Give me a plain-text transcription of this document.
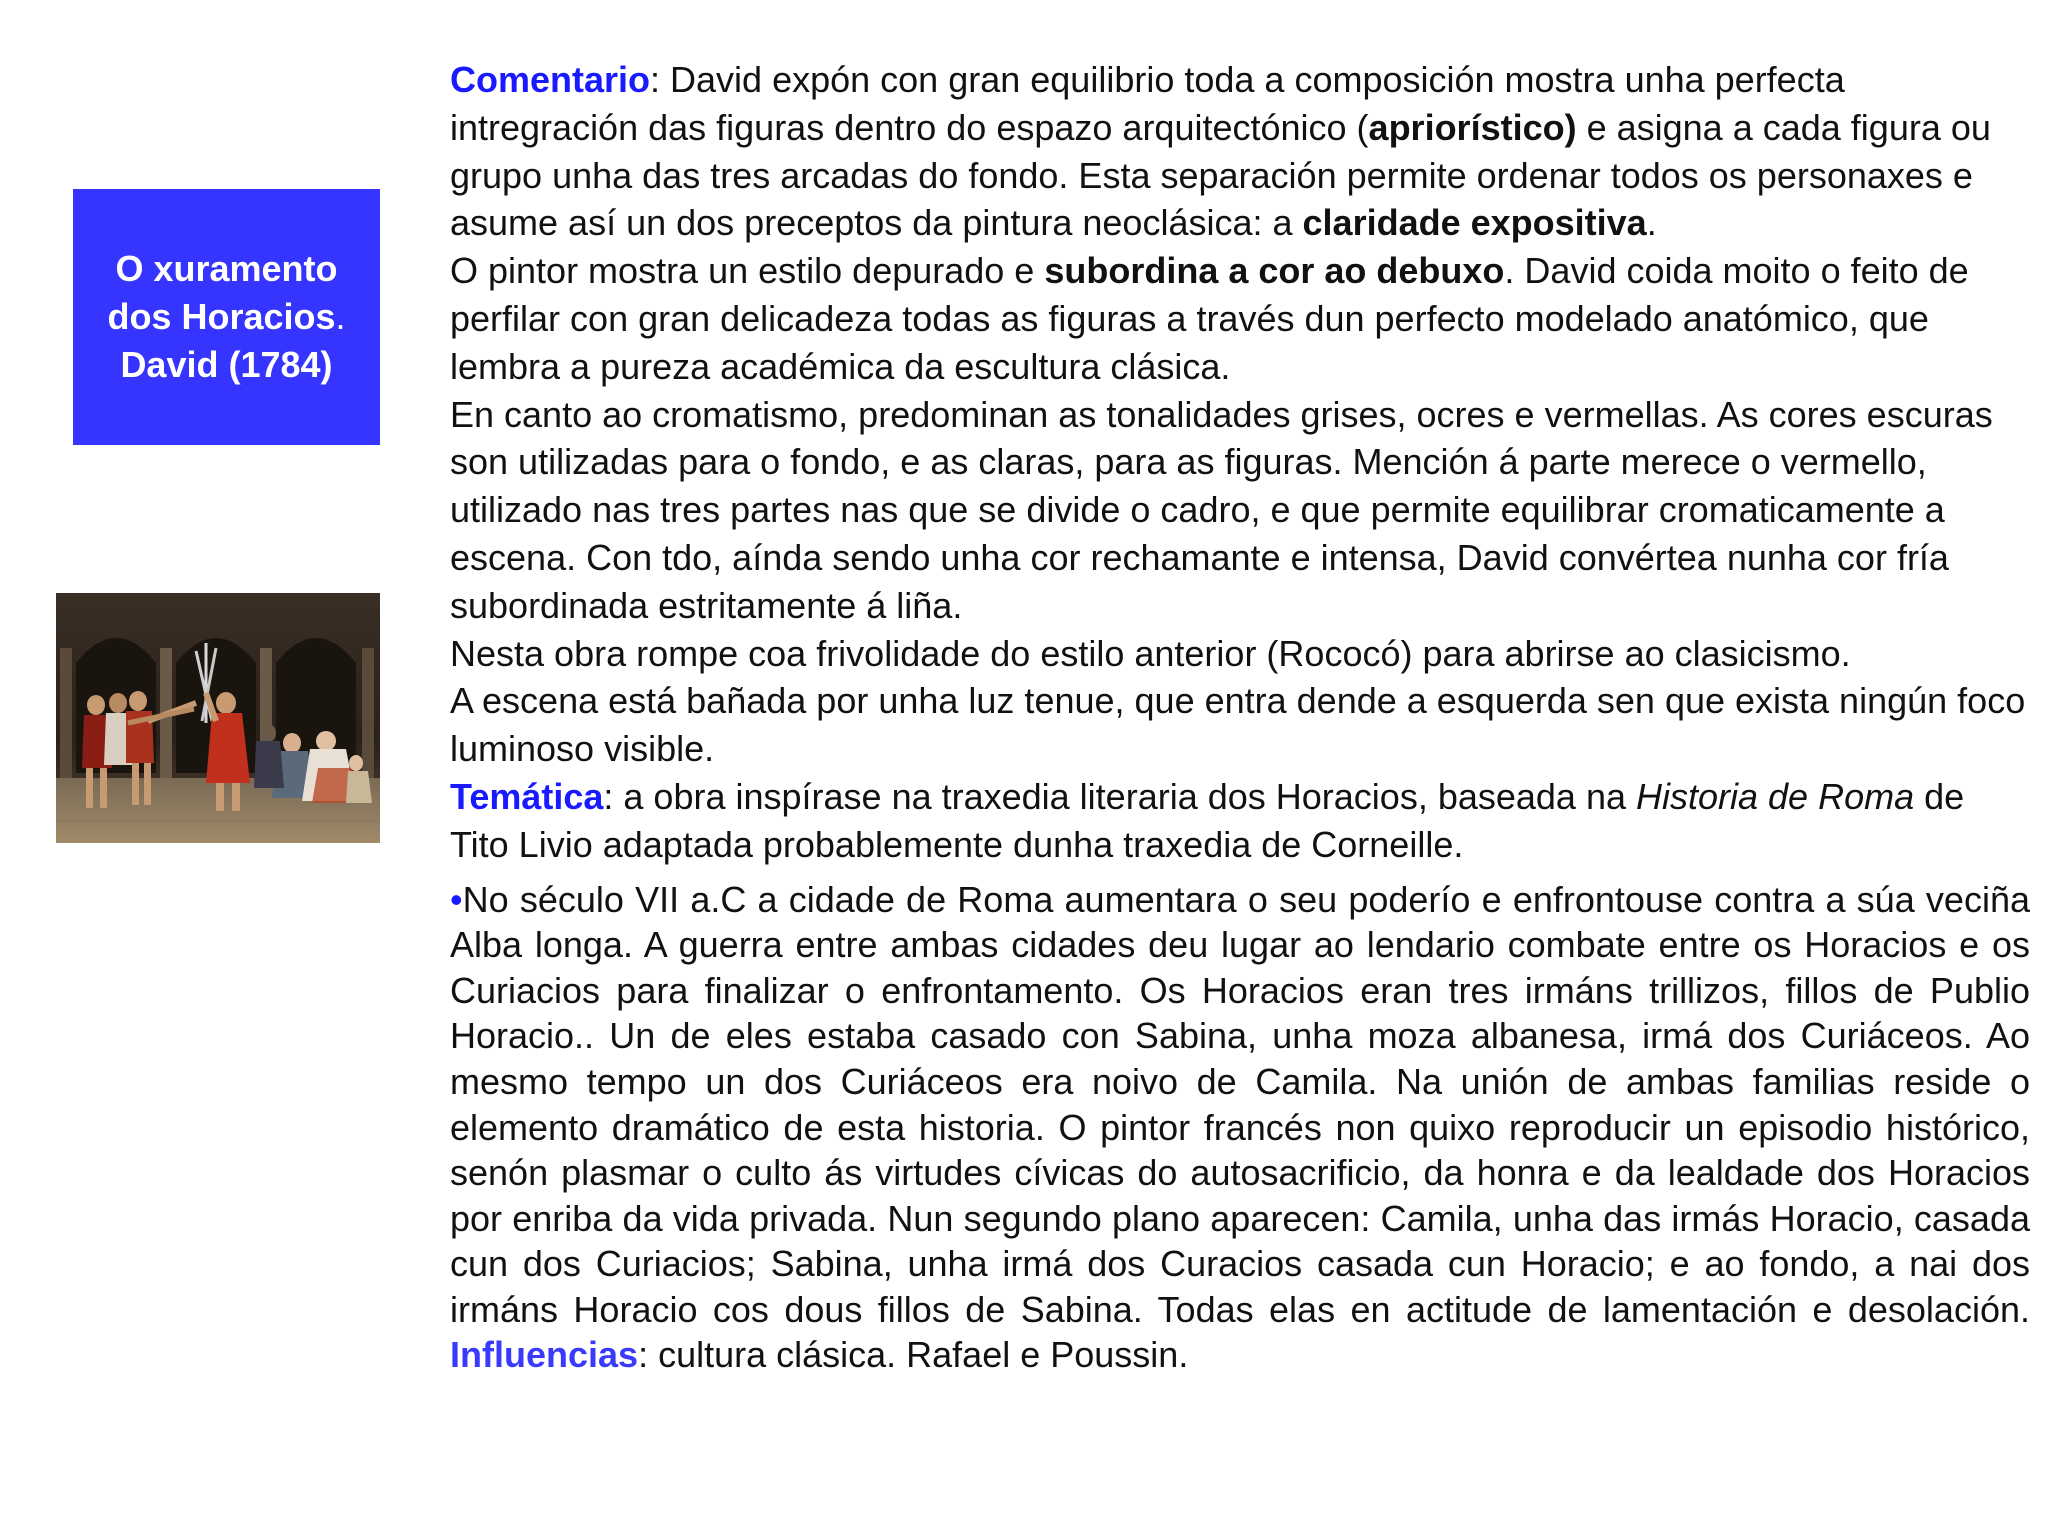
O xuramento
dos Horacios.
David (1784)

Comentario: David expón con gran equilibrio toda a composición mostra unha perfecta intregración das figuras dentro do espazo arquitectónico (apriorístico) e asigna a cada figura ou grupo unha das tres arcadas do fondo. Esta separación permite ordenar todos os personaxes e asume así un dos preceptos da pintura neoclásica: a claridade expositiva.

O pintor mostra un estilo depurado e subordina a cor ao debuxo. David coida moito o feito de perfilar con gran delicadeza todas as figuras a través dun perfecto modelado anatómico, que lembra a pureza académica da escultura clásica.

En canto ao cromatismo, predominan as tonalidades grises, ocres e vermellas. As cores escuras son utilizadas para o fondo, e as claras, para as figuras. Mención á parte merece o vermello, utilizado nas tres partes nas que se divide o cadro, e que permite equilibrar cromaticamente a escena. Con tdo, aínda sendo unha cor rechamante e intensa, David convértea nunha cor fría subordinada estritamente á liña.

Nesta obra rompe coa frivolidade do estilo anterior (Rococó) para abrirse ao clasicismo.

A escena está bañada por unha luz tenue, que entra dende a esquerda sen que exista ningún foco luminoso visible.

Temática: a obra inspírase na traxedia literaria dos Horacios, baseada na Historia de Roma de Tito Livio adaptada probablemente dunha traxedia de Corneille.

•No século VII a.C a cidade de Roma aumentara o seu poderío e enfrontouse contra a súa veciña Alba longa. A guerra entre ambas cidades deu lugar ao lendario combate entre os Horacios e os Curiacios para finalizar o enfrontamento. Os Horacios eran tres irmáns trillizos, fillos de Publio Horacio.. Un de eles estaba casado con Sabina, unha moza albanesa, irmá dos Curiáceos. Ao mesmo tempo un dos Curiáceos era noivo de Camila. Na unión de ambas familias reside o elemento dramático de esta historia. O pintor francés non quixo reproducir un episodio histórico, senón plasmar o culto ás virtudes cívicas do autosacrificio, da honra e da lealdade dos Horacios por enriba da vida privada. Nun segundo plano aparecen: Camila, unha das irmás Horacio, casada cun dos Curiacios; Sabina, unha irmá dos Curacios casada cun Horacio; e ao fondo, a nai dos irmáns Horacio cos dous fillos de Sabina. Todas elas en actitude de lamentación e desolación. Influencias: cultura clásica. Rafael e Poussin.
